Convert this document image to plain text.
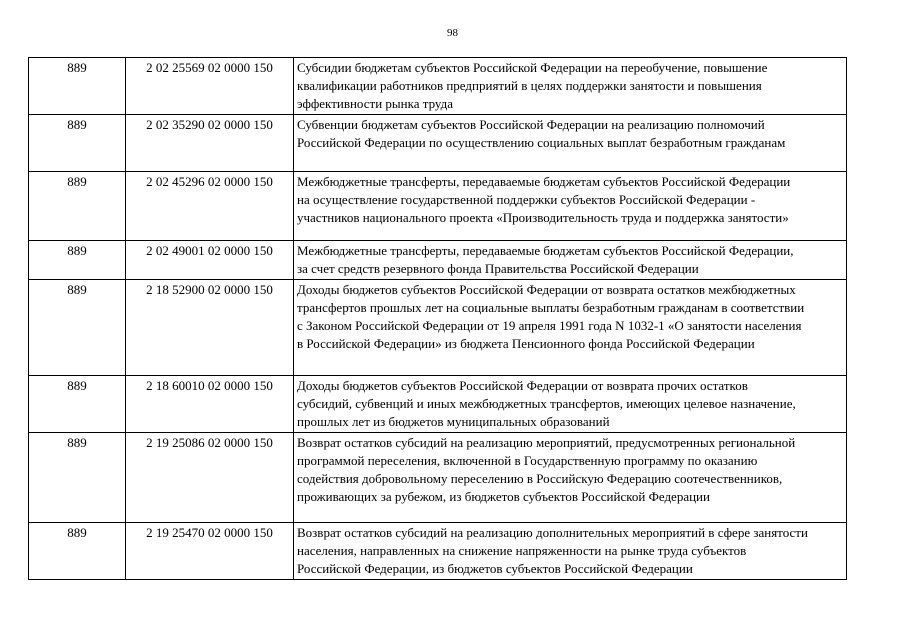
98
889	2 02 25569 02 0000 150	Субсидии бюджетам субъектов Российской Федерации на переобучение, повышение
квалификации работников предприятий в целях поддержки занятости и повышения
эффективности рынка труда

889	2 02 35290 02 0000 150	Субвенции бюджетам субъектов Российской Федерации на реализацию полномочий
Российской Федерации по осуществлению социальных выплат безработным гражданам

889	2 02 45296 02 0000 150	Межбюджетные трансферты, передаваемые бюджетам субъектов Российской Федерации
на осуществление государственной поддержки субъектов Российской Федерации -
участников национального проекта «Производительность труда и поддержка занятости»

889	2 02 49001 02 0000 150	Межбюджетные трансферты, передаваемые бюджетам субъектов Российской Федерации,
за счет средств резервного фонда Правительства Российской Федерации

889	2 18 52900 02 0000 150	Доходы бюджетов субъектов Российской Федерации от возврата остатков межбюджетных
трансфертов прошлых лет на социальные выплаты безработным гражданам в соответствии
с Законом Российской Федерации от 19 апреля 1991 года N 1032-1 «О занятости населения
в Российской Федерации» из бюджета Пенсионного фонда Российской Федерации

889	2 18 60010 02 0000 150	Доходы бюджетов субъектов Российской Федерации от возврата прочих остатков
субсидий, субвенций и иных межбюджетных трансфертов, имеющих целевое назначение,
прошлых лет из бюджетов муниципальных образований

889	2 19 25086 02 0000 150	Возврат остатков субсидий на реализацию мероприятий, предусмотренных региональной
программой переселения, включенной в Государственную программу по оказанию
содействия добровольному переселению в Российскую Федерацию соотечественников,
проживающих за рубежом, из бюджетов субъектов Российской Федерации

889	2 19 25470 02 0000 150	Возврат остатков субсидий на реализацию дополнительных мероприятий в сфере занятости
населения, направленных на снижение напряженности на рынке труда субъектов
Российской Федерации, из бюджетов субъектов Российской Федерации
